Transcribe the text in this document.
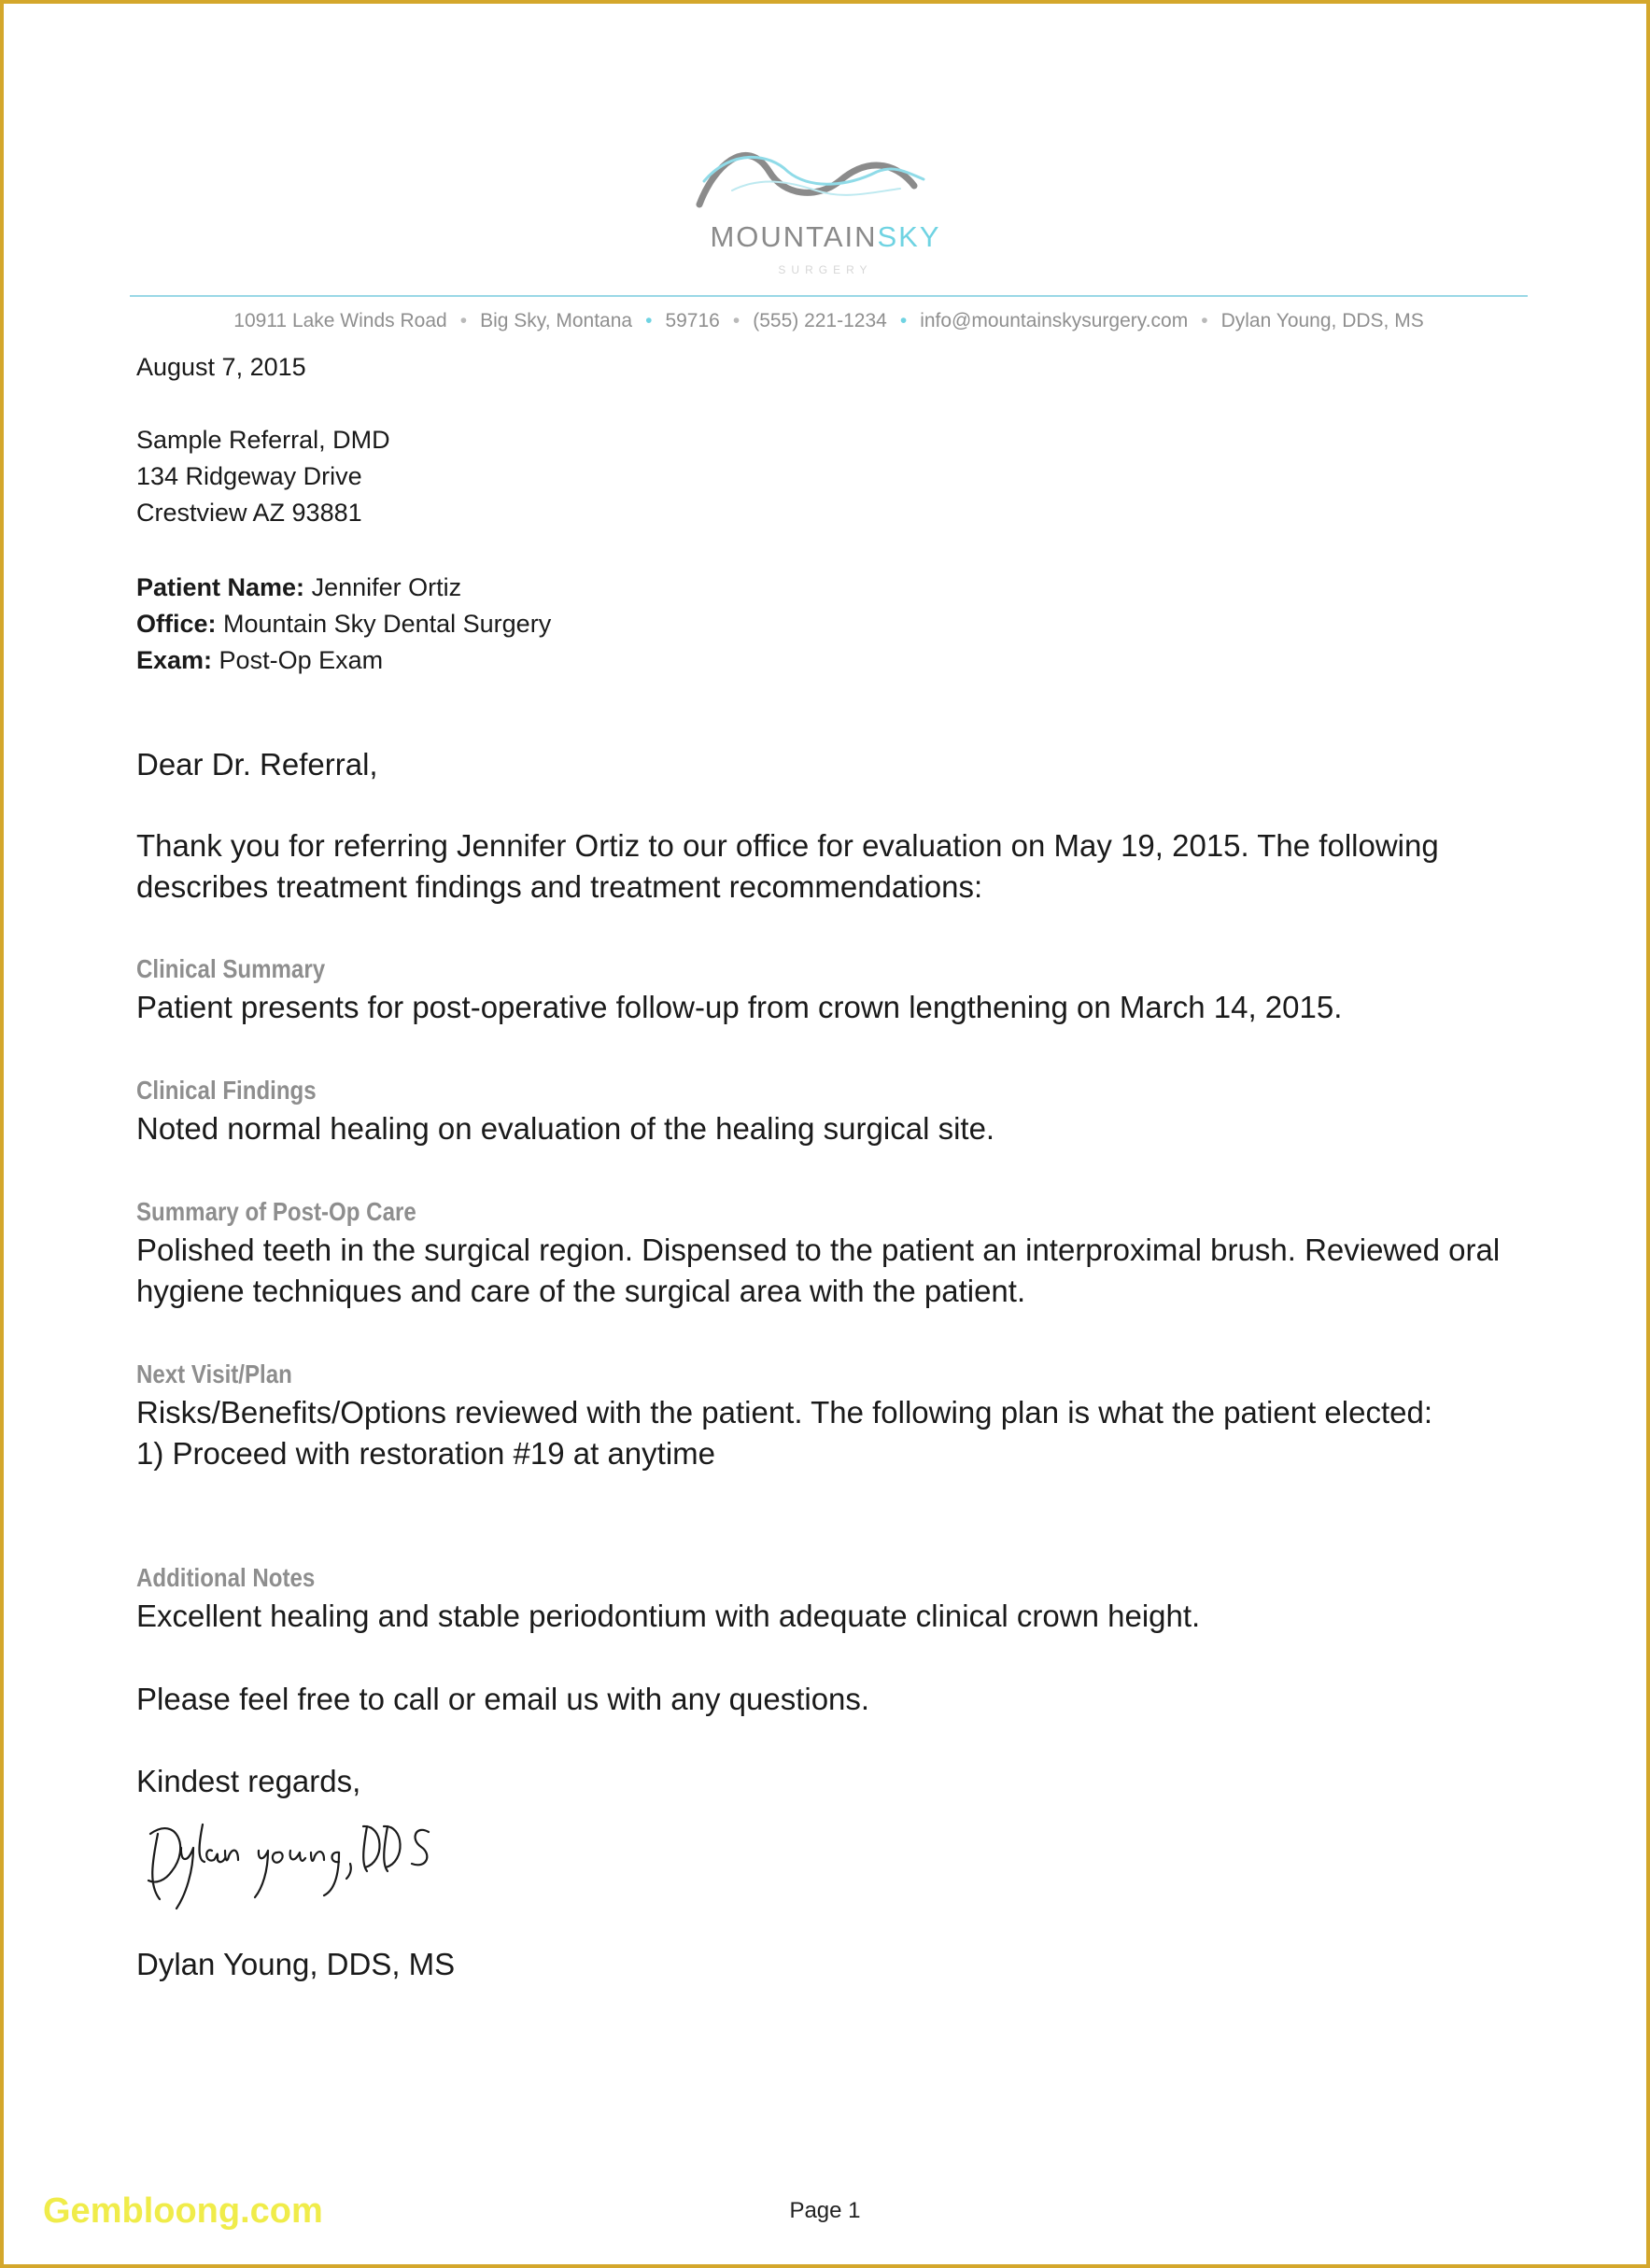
MOUNTAINSKY
SURGERY
10911 Lake Winds Road • Big Sky, Montana • 59716 • (555) 221-1234 • info@mountainskysurgery.com • Dylan Young, DDS, MS
August 7, 2015
Sample Referral, DMD
134 Ridgeway Drive
Crestview AZ 93881
Patient Name: Jennifer Ortiz
Office: Mountain Sky Dental Surgery
Exam: Post-Op Exam
Dear Dr. Referral,
Thank you for referring Jennifer Ortiz to our office for evaluation on May 19, 2015. The following
describes treatment findings and treatment recommendations:
Clinical Summary
Patient presents for post-operative follow-up from crown lengthening on March 14, 2015.
Clinical Findings
Noted normal healing on evaluation of the healing surgical site.
Summary of Post-Op Care
Polished teeth in the surgical region. Dispensed to the patient an interproximal brush. Reviewed oral
hygiene techniques and care of the surgical area with the patient.
Next Visit/Plan
Risks/Benefits/Options reviewed with the patient. The following plan is what the patient elected:
1) Proceed with restoration #19 at anytime
Additional Notes
Excellent healing and stable periodontium with adequate clinical crown height.
Please feel free to call or email us with any questions.
Kindest regards,
Dylan Young, DDS, MS
Page 1
Gembloong.com
